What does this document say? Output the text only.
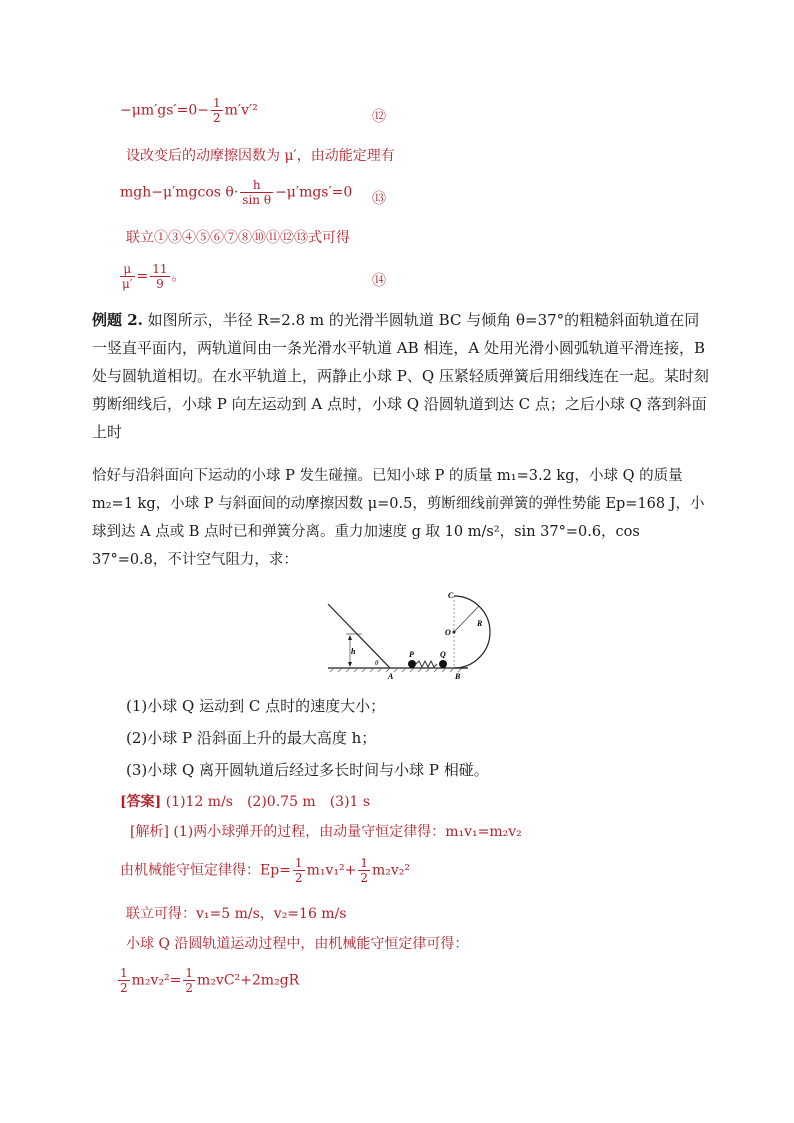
$-\mu m'gs'=0- \frac{1}{2} m'v'^2$	⑫
设改变后的动摩擦因数为 μ′，由动能定理有
mgh−μ′mgcos $\theta\cdot \frac{h}{\text{sin θ}} -\mu'mgs'=0$ ⑬
联立①③④⑤⑥⑦⑧⑩⑪⑫⑬式可得
$\frac{\mu}{\mu'} = \frac{11}{9}$ 。	⑭
例题 2. 如图所示，半径 R=2.8 m 的光滑半圆轨道 BC 与倾角 θ=37°的粗糙斜面轨道在同一竖直平面内，两轨道间由一条光滑水平轨道 AB 相连，A 处用光滑小圆弧轨道平滑连接，B 处与圆轨道相切。在水平轨道上，两静止小球 P、Q 压紧轻质弹簧后用细线连在一起。某时刻剪断细线后，小球 P 向左运动到 A 点时，小球 Q 沿圆轨道到达 C 点；之后小球 Q 落到斜面上时
恰好与沿斜面向下运动的小球 P 发生碰撞。已知小球 P 的质量 m₁=3.2 kg，小球 Q 的质量 m₂=1 kg，小球 P 与斜面间的动摩擦因数 μ=0.5，剪断细线前弹簧的弹性势能 Ep=168 J，小球到达 A 点或 B 点时已和弹簧分离。重力加速度 g 取 10 m/s²，sin 37°=0.6，cos 37°=0.8，不计空气阻力，求：
C
O
R
h
θ
P	Q
A	B
(1)小球 Q 运动到 C 点时的速度大小；
(2)小球 P 沿斜面上升的最大高度 h；
(3)小球 Q 离开圆轨道后经过多长时间与小球 P 相碰。
[答案] (1)12 m/s　(2)0.75 m　(3)1 s
[解析] (1)两小球弹开的过程，由动量守恒定律得：m₁v₁=m₂v₂
由机械能守恒定律得：$Ep= \frac{1}{2} m_1v_1^2+ \frac{1}{2} m_2v_2^2$
联立可得：v₁=5 m/s，v₂=16 m/s
小球 Q 沿圆轨道运动过程中，由机械能守恒定律可得：
$\frac{1}{2} m_2v_2^2= \frac{1}{2} m_2vC^2+2m_2gR$
